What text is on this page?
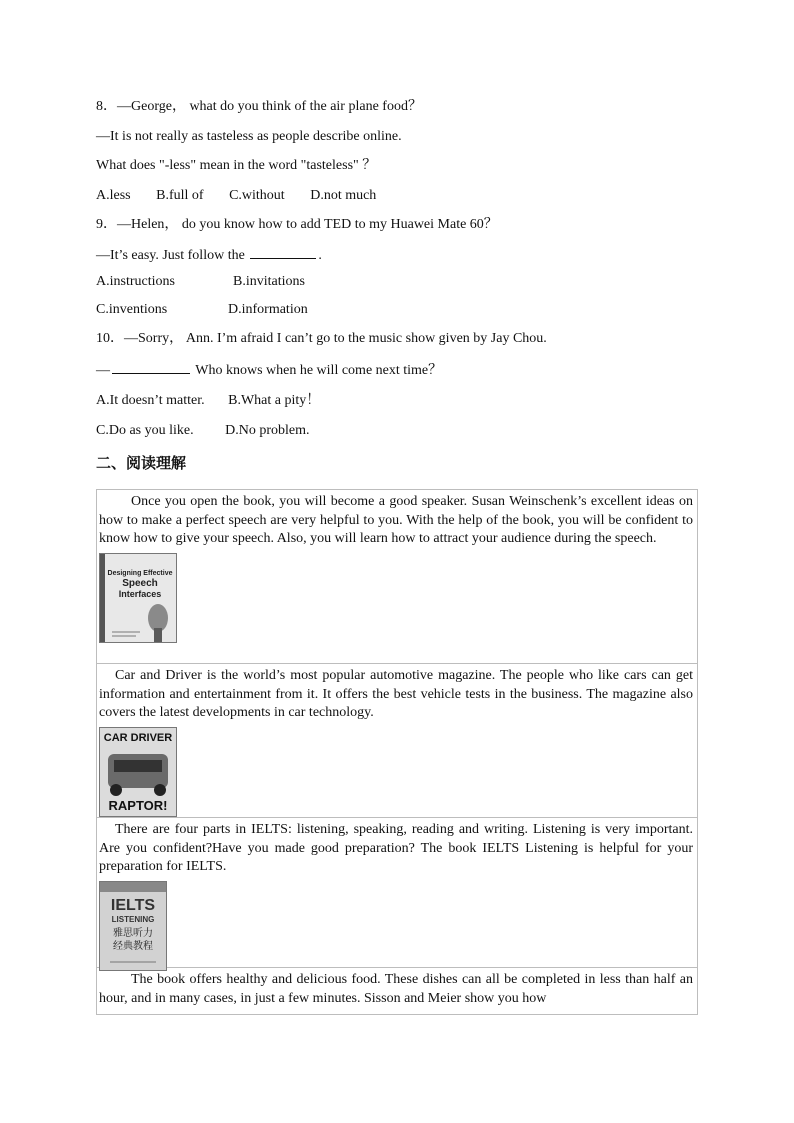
8．—George， what do you think of the air plane food？
—It is not really as tasteless as people describe online.
What does "-less" mean in the word "tasteless" ？
A.less B.full of C.without D.not much
9．—Helen， do you know how to add TED to my Huawei Mate 60？
—It’s easy. Just follow the	.
A.instructions	B.invitations
C.inventions	D.information
10．—Sorry， Ann. I’m afraid I can’t go to the music show given by Jay Chou.
—	Who knows when he will come next time？
A.It doesn’t matter. B.What a pity！
C.Do as you like. D.No problem.
二、阅读理解

Once you open the book, you will become a good speaker. Susan Weinschenk’s excellent ideas on how to make a perfect speech are very helpful to you. With the help of the book, you will be confident to know how to give your speech. Also, you will learn how to attract your audience during the speech.

Designing Effective
Speech
Interfaces

Car and Driver is the world’s most popular automotive magazine. The people who like cars can get information and entertainment from it. It offers the best vehicle tests in the business. The magazine also covers the latest developments in car technology.

CAR DRIVER
RAPTOR!

There are four parts in IELTS: listening, speaking, reading and writing. Listening is very important. Are you confident?Have you made good preparation? The book IELTS Listening is helpful for your preparation for IELTS.

IELTS
LISTENING
雅思听力
经典教程

The book offers healthy and delicious food. These dishes can all be completed in less than half an hour, and in many cases, in just a few minutes. Sisson and Meier show you how
